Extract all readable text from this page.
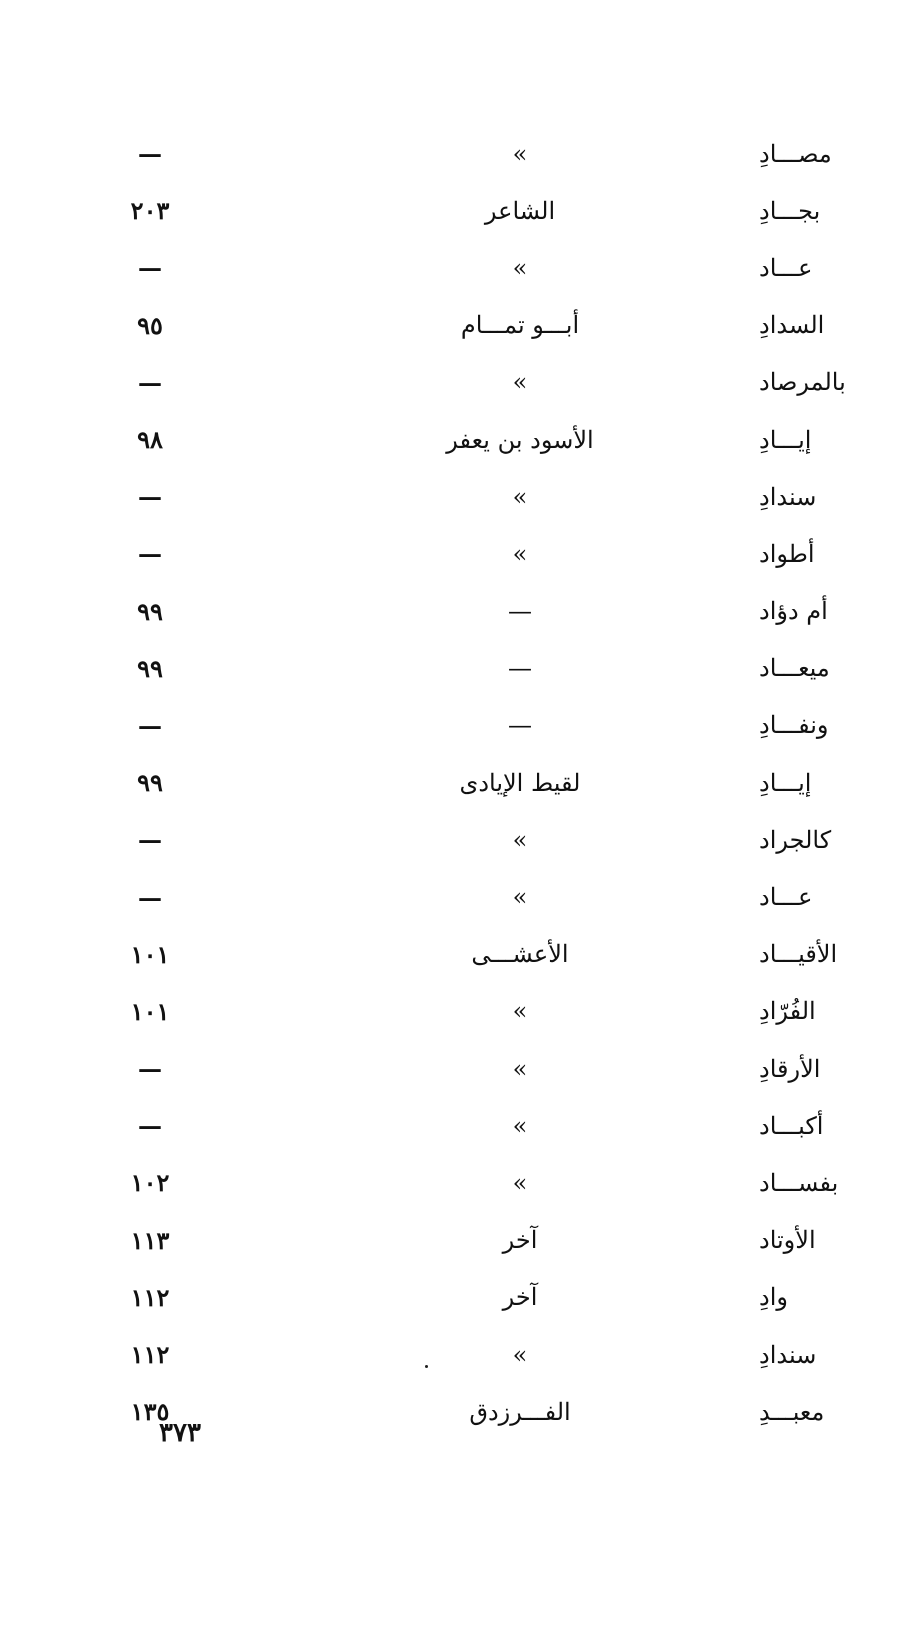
مصـــادِ
»
—
بجـــادِ
الشاعر
٢٠٣
عـــاد
»
—
السدادِ
أبـــو تمـــام
٩٥
بالمرصاد
»
—
إيـــادِ
الأسود بن يعفر
٩٨
سندادِ
»
—
أطواد
»
—
أم دؤاد
—
٩٩
ميعـــاد
—
٩٩
ونفـــادِ
—
—
إيـــادِ
لقيط الإيادى
٩٩
كالجراد
»
—
عـــاد
»
—
الأقيـــاد
الأعشـــى
١٠١
الفُرّادِ
»
١٠١
الأرقادِ
»
—
أكبـــاد
»
—
بفســـاد
»
١٠٢
الأوتاد
آخر
١١٣
وادِ
آخر
١١٢
سندادِ
»
١١٢
معبـــدِ
الفـــرزدق
١٣٥
٣٧٣
